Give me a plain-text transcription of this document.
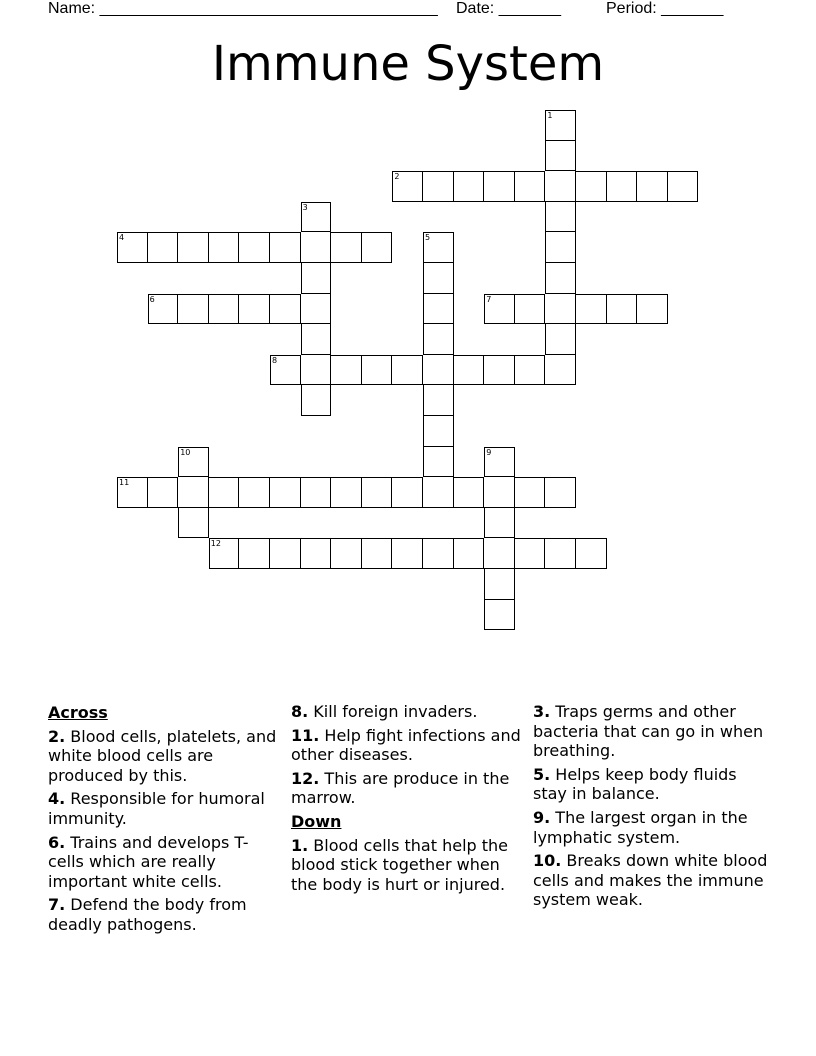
Name: ______________________________________ Date: _______	Period: _______
Immune System
2
4
6	7
8
11
12
1
3
5
9
10
Across
2. Blood cells, platelets, and white blood cells are produced by this.
4. Responsible for humoral immunity.
6. Trains and develops T-cells which are really important white cells.
7. Defend the body from deadly pathogens.
8. Kill foreign invaders.
11. Help fight infections and other diseases.
12. This are produce in the marrow.
Down
1. Blood cells that help the blood stick together when the body is hurt or injured.
3. Traps germs and other bacteria that can go in when breathing.
5. Helps keep body fluids stay in balance.
9. The largest organ in the lymphatic system.
10. Breaks down white blood cells and makes the immune system weak.
